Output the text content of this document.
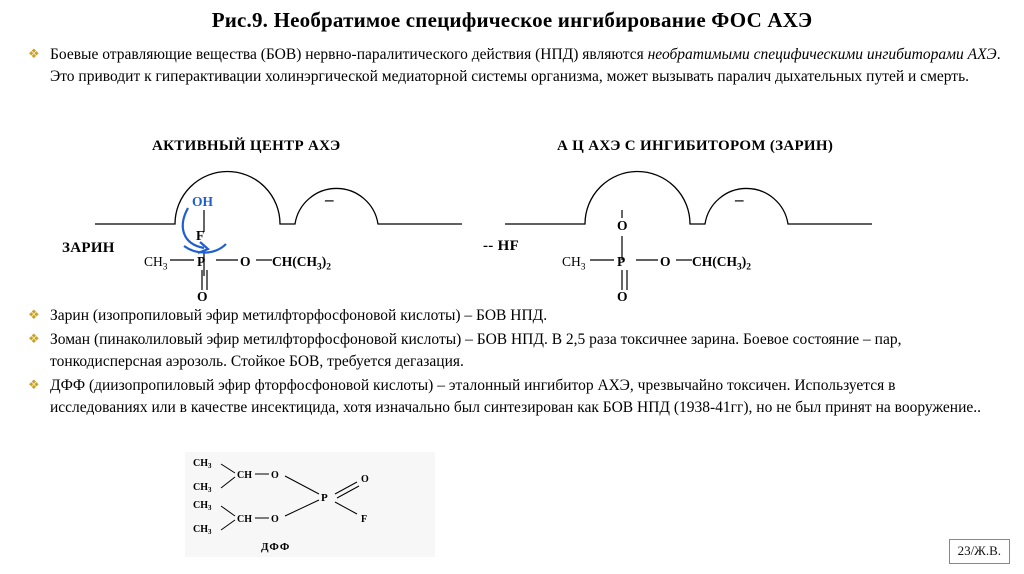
Рис.9. Необратимое специфическое ингибирование ФОС АХЭ
❖ Боевые отравляющие вещества (БОВ) нервно-паралитического действия (НПД) являются необратимыми специфическими ингибиторами АХЭ. Это приводит к гиперактивации холинэргической медиаторной системы организма, может вызывать паралич дыхательных путей и смерть.
АКТИВНЫЙ ЦЕНТР АХЭ	А Ц АХЭ С ИНГИБИТОРОМ (ЗАРИН)
OH	–
F
ЗАРИН
$CH_3$ P	O $CH(CH_3)_2$
O
-- HF
–
O
$CH_3$ P	O $CH(CH_3)_2$
O
❖ Зарин (изопропиловый эфир метилфторфосфоновой кислоты) – БОВ НПД.
❖ Зоман (пинаколиловый эфир метилфторфосфоновой кислоты) – БОВ НПД. В 2,5 раза токсичнее зарина. Боевое состояние – пар, тонкодисперсная аэрозоль. Стойкое БОВ, требуется дегазация.
❖ ДФФ (диизопропиловый эфир фторфосфоновой кислоты) – эталонный ингибитор АХЭ, чрезвычайно токсичен. Используется в исследованиях или в качестве инсектицида, хотя изначально был синтезирован как БОВ НПД (1938-41гг), но не был принят на вооружение..
$CH_3$
$CH_3$
$CH_3$
$CH_3$
CH
CH
O
O
P
O
F
ДФФ	23/Ж.В.
